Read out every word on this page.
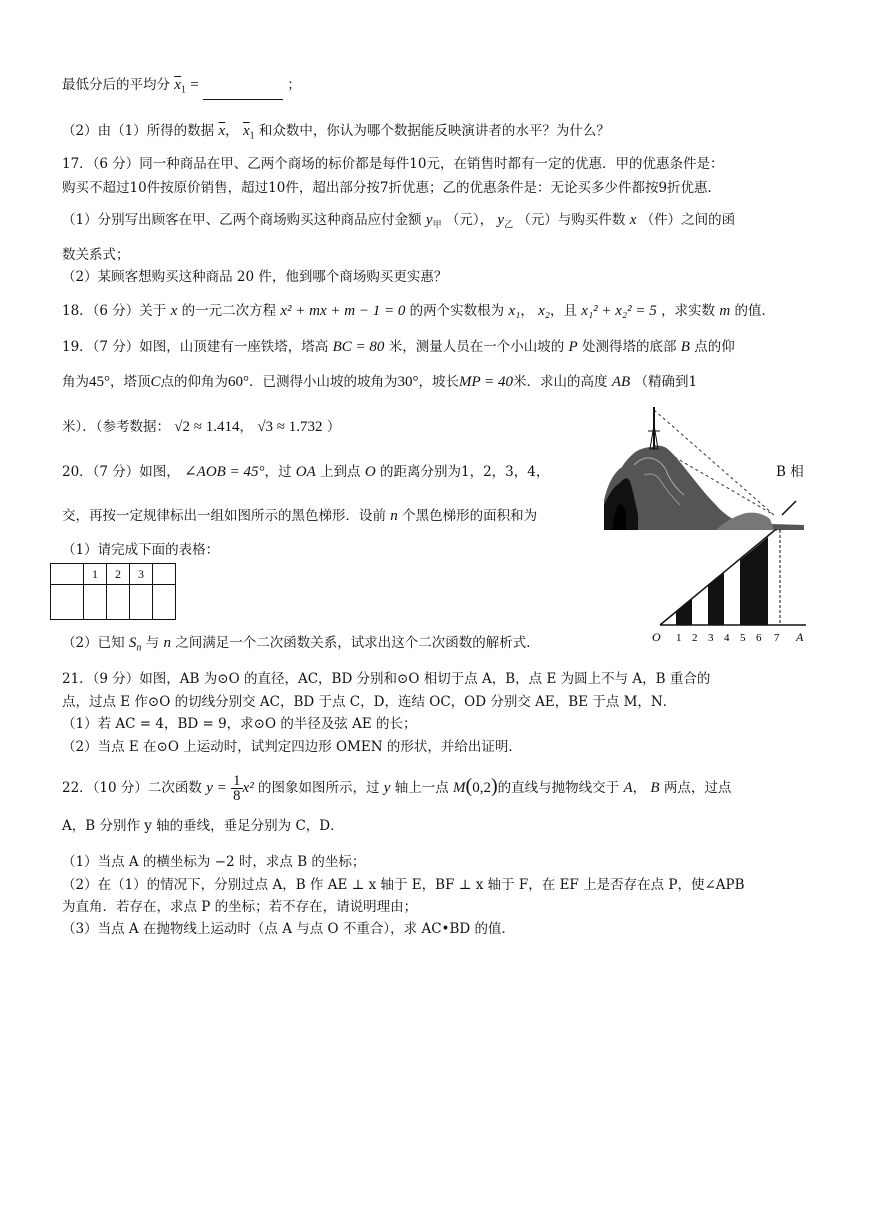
最低分后的平均分 $\overline{x}_1$ =	；
（2）由（1）所得的数据 $\overline{x}$， $\overline{x}_1$ 和众数中，你认为哪个数据能反映演讲者的水平？为什么？
17．（6 分）同一种商品在甲、乙两个商场的标价都是每件10元，在销售时都有一定的优惠．甲的优惠条件是：
购买不超过10件按原价销售，超过10件，超出部分按7折优惠；乙的优惠条件是：无论买多少件都按9折优惠．
（1）分别写出顾客在甲、乙两个商场购买这种商品应付金额 $y_甲$ （元）， $y_乙$ （元）与购买件数 x （件）之间的函
数关系式；
（2）某顾客想购买这种商品 20 件，他到哪个商场购买更实惠？
18．（6 分）关于 x 的一元二次方程 x² + mx + m − 1 = 0 的两个实数根为 x₁， x₂，且 x₁² + x₂² = 5 ，求实数 m 的值．
19．（7 分）如图，山顶建有一座铁塔，塔高 BC = 80 米，测量人员在一个小山坡的 P 处测得塔的底部 B 点的仰
角为45°，塔顶C点的仰角为60°．已测得小山坡的坡角为30°，坡长MP = 40米．求山的高度 AB （精确到1
米）．（参考数据： √2 ≈ 1.414， √3 ≈ 1.732 ）
20．（7 分）如图， ∠AOB = 45°，过 OA 上到点 O 的距离分别为1，2，3，4，	B 相
交，再按一定规律标出一组如图所示的黑色梯形．设前 n 个黑色梯形的面积和为
（1）请完成下面的表格：
	1	2	3	

O 1 2 3 4 5 6 7 A
（2）已知 $S_n$ 与 n 之间满足一个二次函数关系，试求出这个二次函数的解析式．
21．（9 分）如图，AB 为⊙O 的直径，AC，BD 分别和⊙O 相切于点 A，B，点 E 为圆上不与 A，B 重合的
点，过点 E 作⊙O 的切线分别交 AC，BD 于点 C，D，连结 OC，OD 分别交 AE，BE 于点 M，N．
（1）若 AC = 4，BD = 9，求⊙O 的半径及弦 AE 的长；
（2）当点 E 在⊙O 上运动时，试判定四边形 OMEN 的形状，并给出证明．
22．（10 分）二次函数 $y = \frac{1}{8} x^2$ 的图象如图所示，过 y 轴上一点 M(0,2)的直线与抛物线交于 A， B 两点，过点
A，B 分别作 y 轴的垂线，垂足分别为 C，D．
（1）当点 A 的横坐标为 −2 时，求点 B 的坐标；
（2）在（1）的情况下，分别过点 A，B 作 AE ⊥ x 轴于 E，BF ⊥ x 轴于 F，在 EF 上是否存在点 P，使∠APB
为直角．若存在，求点 P 的坐标；若不存在，请说明理由；
（3）当点 A 在抛物线上运动时（点 A 与点 O 不重合），求 AC•BD 的值．
